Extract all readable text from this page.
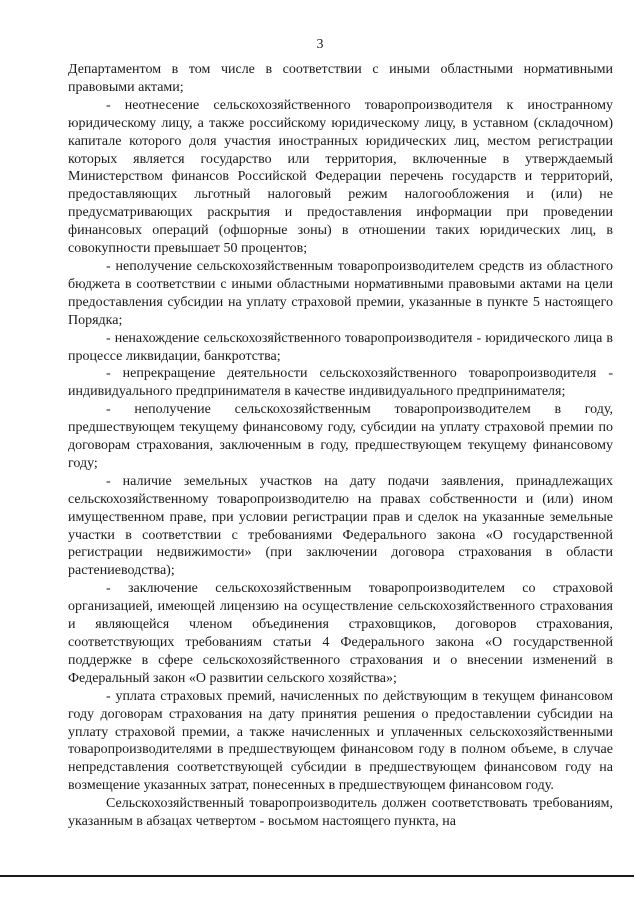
3

Департаментом в том числе в соответствии с иными областными нормативными правовыми актами;

- неотнесение сельскохозяйственного товаропроизводителя к иностранному юридическому лицу, а также российскому юридическому лицу, в уставном (складочном) капитале которого доля участия иностранных юридических лиц, местом регистрации которых является государство или территория, включенные в утверждаемый Министерством финансов Российской Федерации перечень государств и территорий, предоставляющих льготный налоговый режим налогообложения и (или) не предусматривающих раскрытия и предоставления информации при проведении финансовых операций (офшорные зоны) в отношении таких юридических лиц, в совокупности превышает 50 процентов;

- неполучение сельскохозяйственным товаропроизводителем средств из областного бюджета в соответствии с иными областными нормативными правовыми актами на цели предоставления субсидии на уплату страховой премии, указанные в пункте 5 настоящего Порядка;

- ненахождение сельскохозяйственного товаропроизводителя - юридического лица в процессе ликвидации, банкротства;

- непрекращение деятельности сельскохозяйственного товаропроизводителя - индивидуального предпринимателя в качестве индивидуального предпринимателя;

- неполучение сельскохозяйственным товаропроизводителем в году, предшествующем текущему финансовому году, субсидии на уплату страховой премии по договорам страхования, заключенным в году, предшествующем текущему финансовому году;

- наличие земельных участков на дату подачи заявления, принадлежащих сельскохозяйственному товаропроизводителю на правах собственности и (или) ином имущественном праве, при условии регистрации прав и сделок на указанные земельные участки в соответствии с требованиями Федерального закона «О государственной регистрации недвижимости» (при заключении договора страхования в области растениеводства);

- заключение сельскохозяйственным товаропроизводителем со страховой организацией, имеющей лицензию на осуществление сельскохозяйственного страхования и являющейся членом объединения страховщиков, договоров страхования, соответствующих требованиям статьи 4 Федерального закона «О государственной поддержке в сфере сельскохозяйственного страхования и о внесении изменений в Федеральный закон «О развитии сельского хозяйства»;

- уплата страховых премий, начисленных по действующим в текущем финансовом году договорам страхования на дату принятия решения о предоставлении субсидии на уплату страховой премии, а также начисленных и уплаченных сельскохозяйственными товаропроизводителями в предшествующем финансовом году в полном объеме, в случае непредставления соответствующей субсидии в предшествующем финансовом году на возмещение указанных затрат, понесенных в предшествующем финансовом году.

Сельскохозяйственный товаропроизводитель должен соответствовать требованиям, указанным в абзацах четвертом - восьмом настоящего пункта, на
